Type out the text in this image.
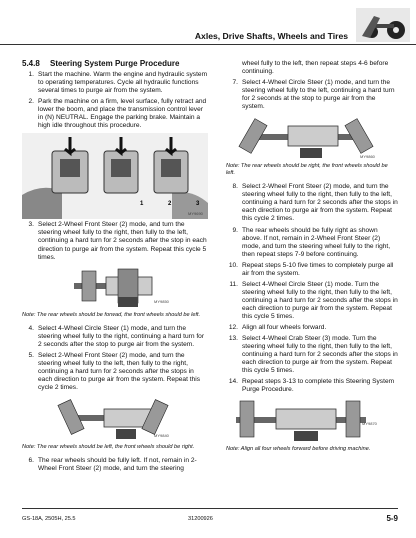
Axles, Drive Shafts, Wheels and Tires
5.4.8 Steering System Purge Procedure
1. Start the machine. Warm the engine and hydraulic system to operating temperatures. Cycle all hydraulic functions several times to purge air from the system.
2. Park the machine on a firm, level surface, fully retract and lower the boom, and place the transmission control lever in (N) NEUTRAL. Engage the parking brake. Maintain a high idle throughout this procedure.
1	2	3
MY9690
3. Select 2-Wheel Front Steer (2) mode, and turn the steering wheel fully to the right, then fully to the left, continuing a hard turn for 2 seconds after the stop in each direction to purge air from the system. Repeat this cycle 5 times.
MY9850
Note: The rear wheels should be forwad, the front wheels should be left.
4. Select 4-Wheel Circle Steer (1) mode, and turn the steering wheel fully to the right, continuing a hard turn for 2 seconds after the stop to purge air from the system.
5. Select 2-Wheel Front Steer (2) mode, and turn the steering wheel fully to the left, then fully to the right, continuing a hard turn for 2 seconds after the stops in each direction to purge air from the system. Repeat this cycle 2 times.
MY9840
Note: The rear wheels should be left, the front wheels should be right.
6. The rear wheels should be fully left. If not, remain in 2-Wheel Front Steer (2) mode, and turn the steering
wheel fully to the left, then repeat steps 4-6 before continuing.
7. Select 4-Wheel Circle Steer (1) mode, and turn the steering wheel fully to the left, continuing a hard turn for 2 seconds at the stop to purge air from the system.
MY9860
Note: The rear wheels should be right, the front wheels should be left.
8. Select 2-Wheel Front Steer (2) mode, and turn the steering wheel fully to the right, then fully to the left, continuing a hard turn for 2 seconds after the stops in each direction to purge air from the system. Repeat this cycle 2 times.
9. The rear wheels should be fully right as shown above. If not, remain in 2-Wheel Front Steer (2) mode, and turn the steering wheel fully to the right, then repeat steps 7-9 before continuing.
10. Repeat steps 5-10 five times to completely purge all air from the system.
11. Select 4-Wheel Circle Steer (1) mode. Turn the steering wheel fully to the right, then fully to the left, continuing a hard turn for 2 seconds after the stops in each direction to purge air from the system. Repeat this cycle 5 times.
12. Align all four wheels forward.
13. Select 4-Wheel Crab Steer (3) mode. Turn the steering wheel fully to the right, then fully to the left, continuing a hard turn for 2 seconds after the stops in each direction to purge air from the system. Repeat this cycle 5 times.
14. Repeat steps 3-13 to complete this Steering System Purge Procedure.
MY9870
Note: Align all four wheels forward before driving machine.
GS-18A, 2505H, 25.5	31200926	5-9
